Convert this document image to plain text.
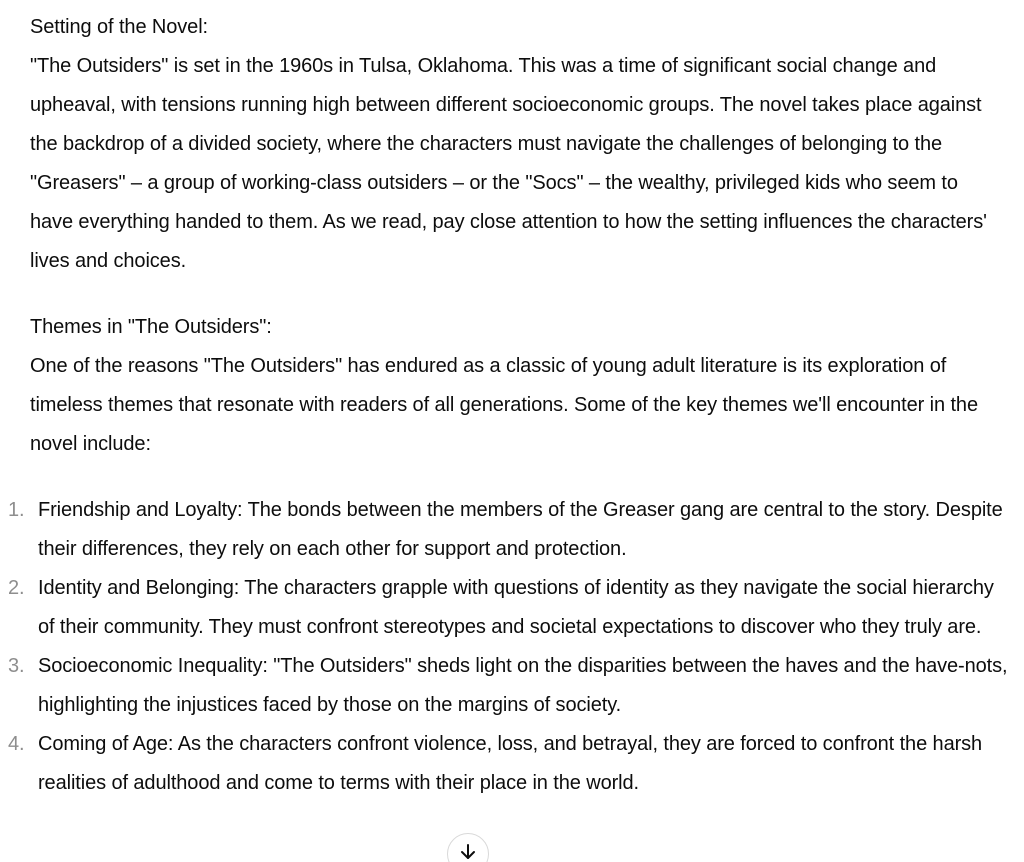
Setting of the Novel:

"The Outsiders" is set in the 1960s in Tulsa, Oklahoma. This was a time of significant social change and upheaval, with tensions running high between different socioeconomic groups. The novel takes place against the backdrop of a divided society, where the characters must navigate the challenges of belonging to the "Greasers" – a group of working-class outsiders – or the "Socs" – the wealthy, privileged kids who seem to have everything handed to them. As we read, pay close attention to how the setting influences the characters' lives and choices.

Themes in "The Outsiders":

One of the reasons "The Outsiders" has endured as a classic of young adult literature is its exploration of timeless themes that resonate with readers of all generations. Some of the key themes we'll encounter in the novel include:

1. Friendship and Loyalty: The bonds between the members of the Greaser gang are central to the story. Despite their differences, they rely on each other for support and protection.
2. Identity and Belonging: The characters grapple with questions of identity as they navigate the social hierarchy of their community. They must confront stereotypes and societal expectations to discover who they truly are.
3. Socioeconomic Inequality: "The Outsiders" sheds light on the disparities between the haves and the have-nots, highlighting the injustices faced by those on the margins of society.
4. Coming of Age: As the characters confront violence, loss, and betrayal, they are forced to confront the harsh realities of adulthood and come to terms with their place in the world.
